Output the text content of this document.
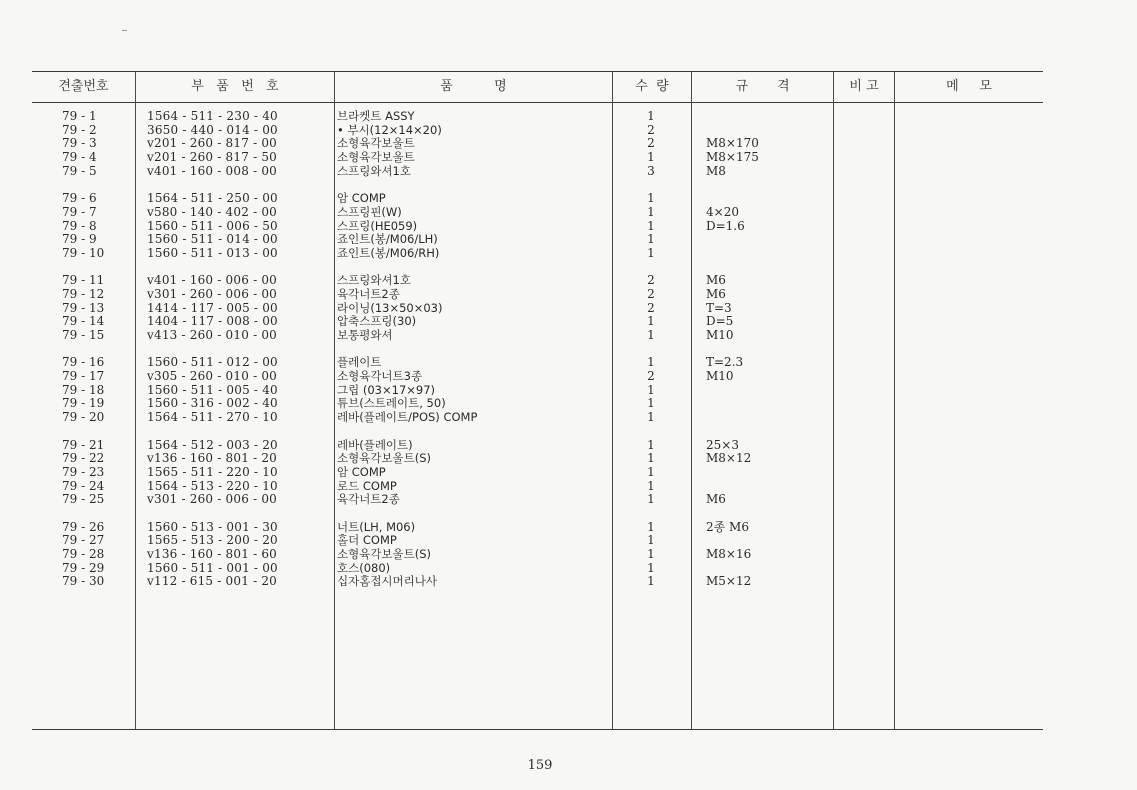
견출번호	부   품   번   호	품          명	수  량	규       격	비 고	메     모
79 - 1	1564 - 511 - 230 - 40	브라켓트 ASSY	1
79 - 2	3650 - 440 - 014 - 00	• 부시(12×14×20)	2
79 - 3	v201 - 260 - 817 - 00	소형육각보울트	2	M8×170
79 - 4	v201 - 260 - 817 - 50	소형육각보울트	1	M8×175
79 - 5	v401 - 160 - 008 - 00	스프링와셔1호	3	M8
79 - 6	1564 - 511 - 250 - 00	암 COMP	1
79 - 7	v580 - 140 - 402 - 00	스프링핀(W)	1	4×20
79 - 8	1560 - 511 - 006 - 50	스프링(HE059)	1	D=1.6
79 - 9	1560 - 511 - 014 - 00	죠인트(봉/M06/LH)	1
79 - 10	1560 - 511 - 013 - 00	죠인트(봉/M06/RH)	1
79 - 11	v401 - 160 - 006 - 00	스프링와셔1호	2	M6
79 - 12	v301 - 260 - 006 - 00	육각너트2종	2	M6
79 - 13	1414 - 117 - 005 - 00	라이닝(13×50×03)	2	T=3
79 - 14	1404 - 117 - 008 - 00	압축스프링(30)	1	D=5
79 - 15	v413 - 260 - 010 - 00	보통평와셔	1	M10
79 - 16	1560 - 511 - 012 - 00	플레이트	1	T=2.3
79 - 17	v305 - 260 - 010 - 00	소형육각너트3종	2	M10
79 - 18	1560 - 511 - 005 - 40	그립 (03×17×97)	1
79 - 19	1560 - 316 - 002 - 40	튜브(스트레이트, 50)	1
79 - 20	1564 - 511 - 270 - 10	레바(플레이트/POS) COMP	1
79 - 21	1564 - 512 - 003 - 20	레바(플레이트)	1	25×3
79 - 22	v136 - 160 - 801 - 20	소형육각보울트(S)	1	M8×12
79 - 23	1565 - 511 - 220 - 10	암 COMP	1
79 - 24	1564 - 513 - 220 - 10	로드 COMP	1
79 - 25	v301 - 260 - 006 - 00	육각너트2종	1	M6
79 - 26	1560 - 513 - 001 - 30	너트(LH, M06)	1	2종 M6
79 - 27	1565 - 513 - 200 - 20	홀더 COMP	1
79 - 28	v136 - 160 - 801 - 60	소형육각보울트(S)	1	M8×16
79 - 29	1560 - 511 - 001 - 00	호스(080)	1
79 - 30	v112 - 615 - 001 - 20	십자홈접시머리나사	1	M5×12
159
